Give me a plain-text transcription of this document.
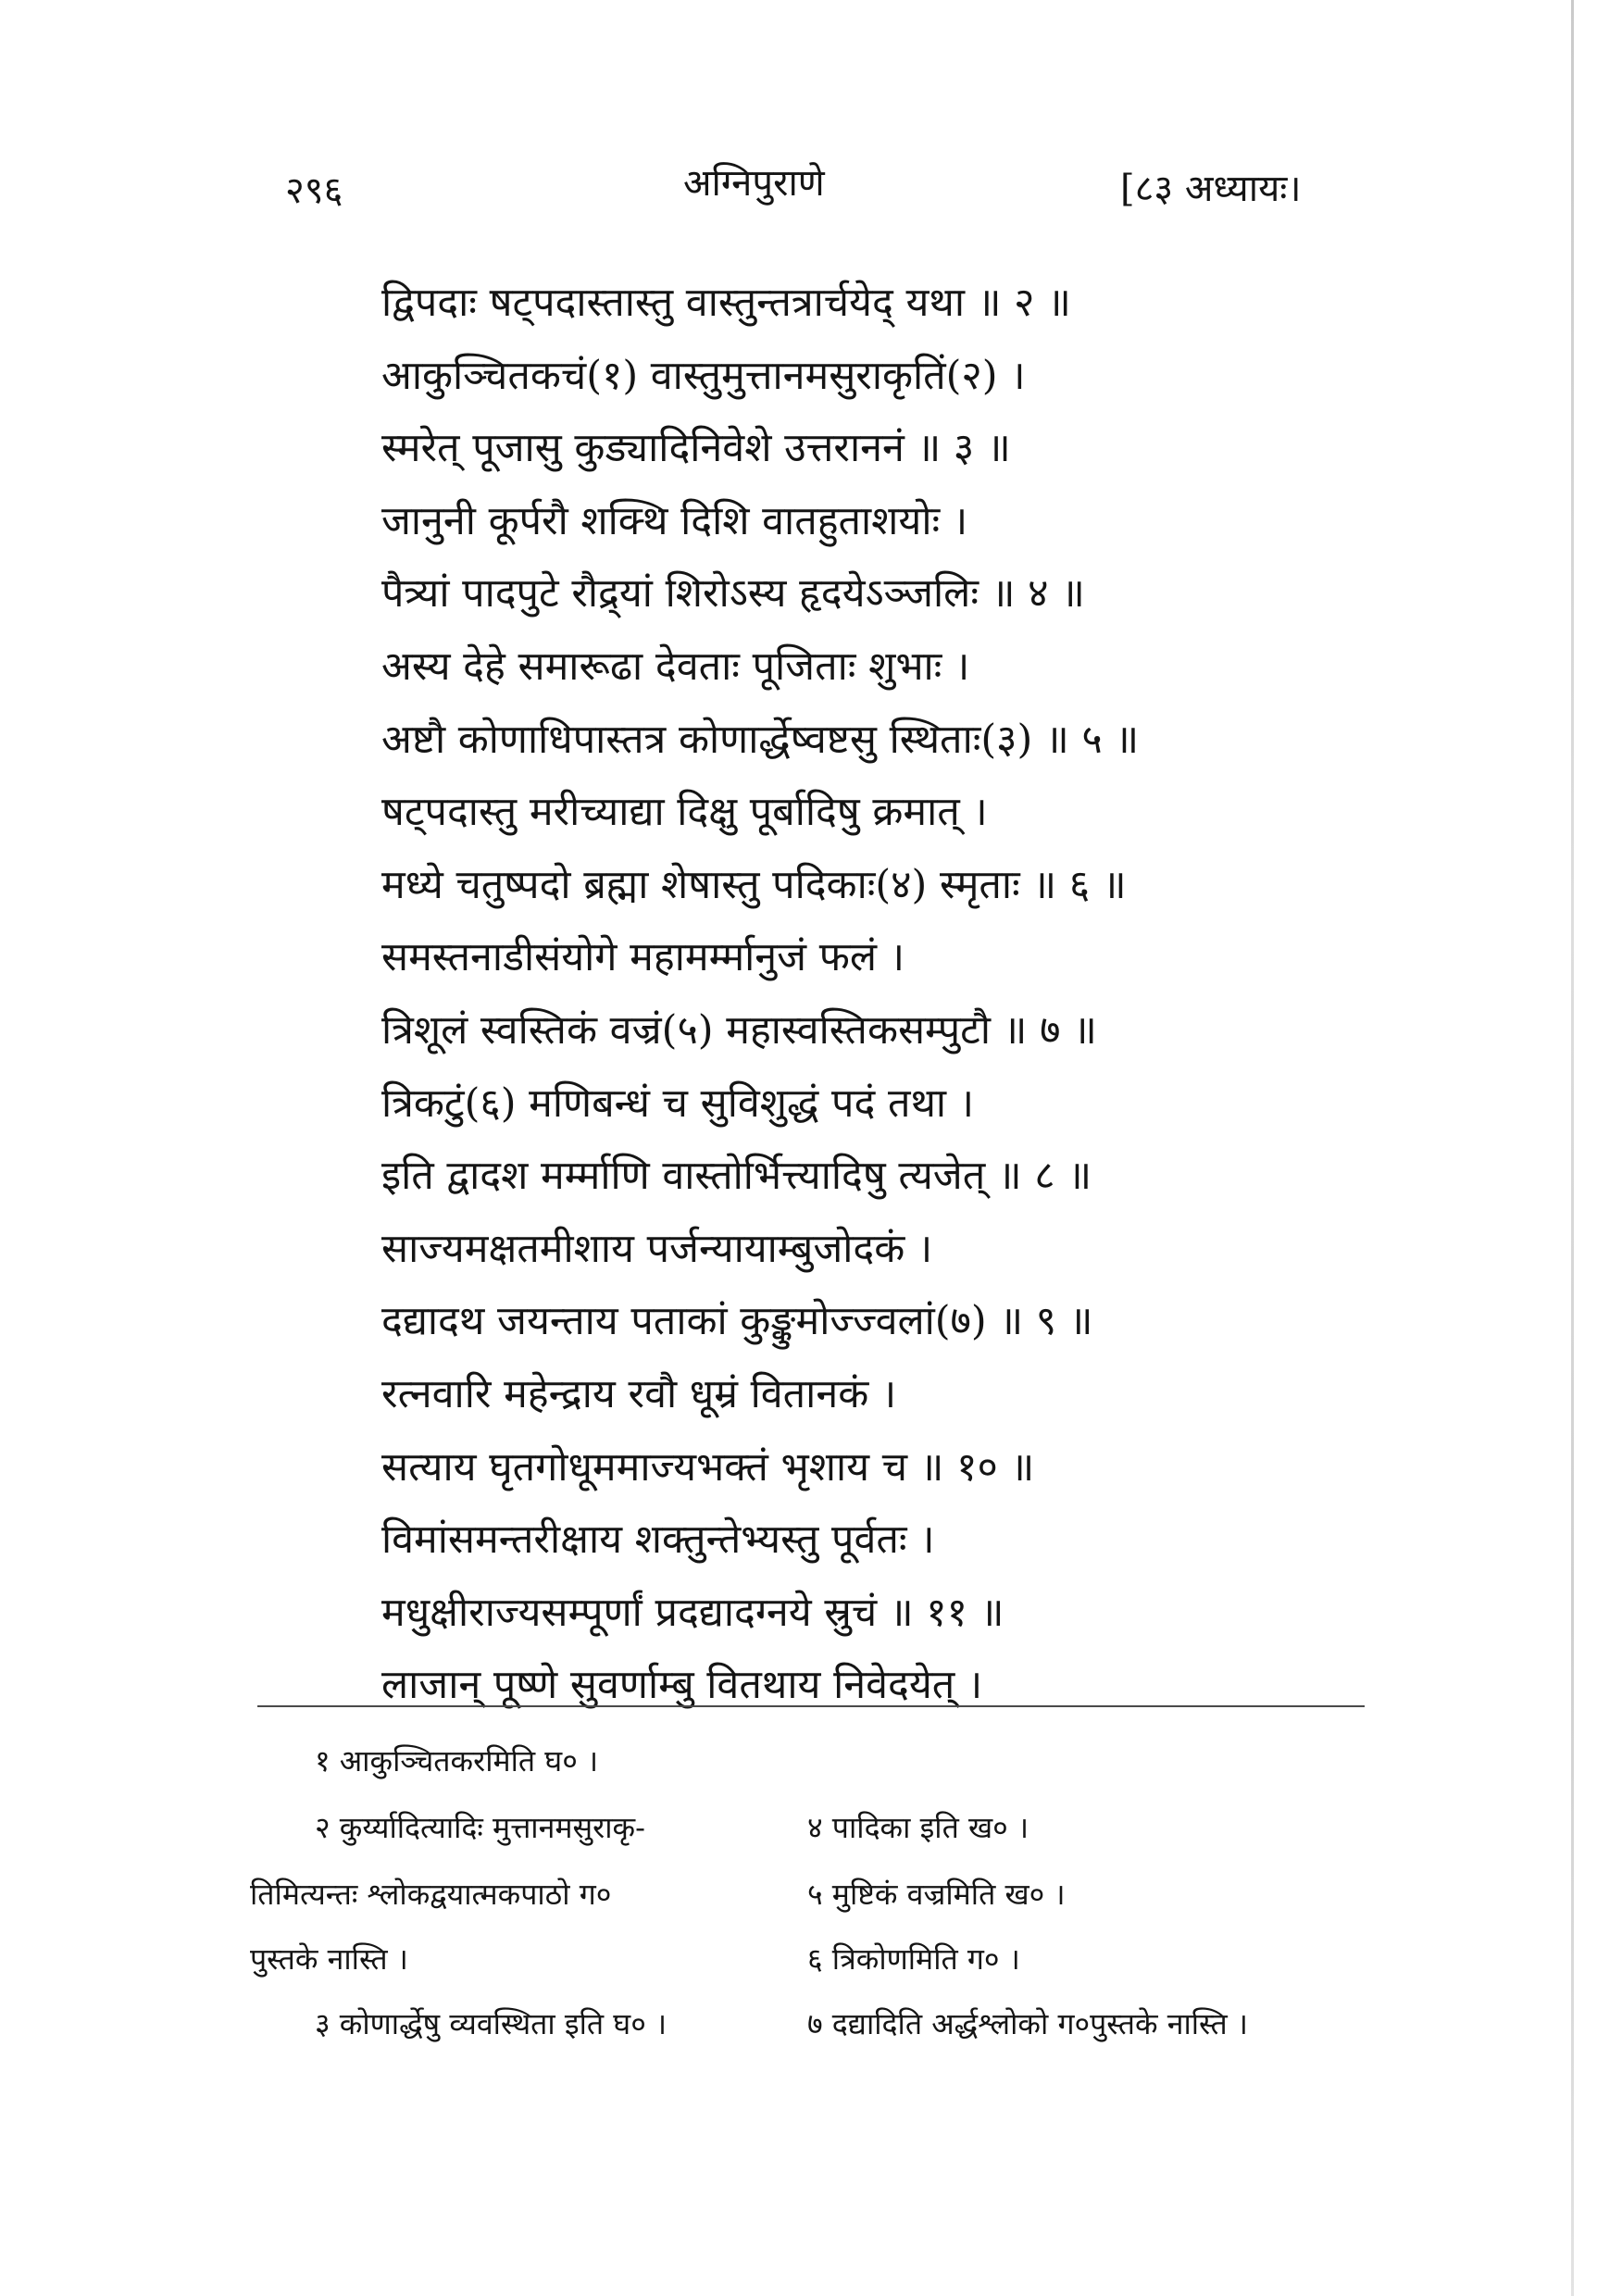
२९६	अग्निपुराणे	[८३ अध्यायः।
द्विपदाः षट्पदास्तास्तु वास्तुन्तत्रार्चयेद् यथा ॥ २ ॥
आकुञ्चितकचं(१) वास्तुमुत्तानमसुराकृतिं(२) ।
स्मरेत् पूजासु कुड्यादिनिवेशे उत्तराननं ॥ ३ ॥
जानुनी कूर्परौ शक्थि दिशि वातहुताशयोः ।
पैत्र्यां पादपुटे रौद्र्यां शिरोऽस्य हृदयेऽञ्जलिः ॥ ४ ॥
अस्य देहे समारूढा देवताः पूजिताः शुभाः ।
अष्टौ कोणाधिपास्तत्र कोणार्द्धेष्वष्टसु स्थिताः(३) ॥ ५ ॥
षट्पदास्तु मरीच्याद्या दिक्षु पूर्बादिषु क्रमात् ।
मध्ये चतुष्पदो ब्रह्मा शेषास्तु पदिकाः(४) स्मृताः ॥ ६ ॥
समस्तनाडीसंयोगे महामर्म्मानुजं फलं ।
त्रिशूलं स्वस्तिकं वज्रं(५) महास्वस्तिकसम्पुटौ ॥ ७ ॥
त्रिकटुं(६) मणिबन्धं च सुविशुद्धं पदं तथा ।
इति द्वादश मर्म्माणि वास्तोर्भित्त्यादिषु त्यजेत् ॥ ८ ॥
साज्यमक्षतमीशाय पर्जन्यायाम्बुजोदकं ।
दद्यादथ जयन्ताय पताकां कुङ्कुमोज्ज्वलां(७) ॥ ९ ॥
रत्नवारि महेन्द्राय रवौ धूम्रं वितानकं ।
सत्याय घृतगोधूममाज्यभक्तं भृशाय च ॥ १० ॥
विमांसमन्तरीक्षाय शक्तुन्तेभ्यस्तु पूर्वतः ।
मधुक्षीराज्यसम्पूर्णां प्रदद्यादग्नये स्रुचं ॥ ११ ॥
लाजान् पूष्णे सुवर्णाम्बु वितथाय निवेदयेत् ।
१ आकुञ्चितकरमिति घ० ।
२ कुर्य्यादित्यादिः मुत्तानमसुराकृ-	४ पादिका इति ख० ।
तिमित्यन्तः श्लोकद्वयात्मकपाठो ग०	५ मुष्टिकं वज्रमिति ख० ।
पुस्तके नास्ति ।	६ त्रिकोणमिति ग० ।
३ कोणार्द्धेषु व्यवस्थिता इति घ० ।	७ दद्यादिति अर्द्धश्लोको ग०पुस्तके नास्ति ।
